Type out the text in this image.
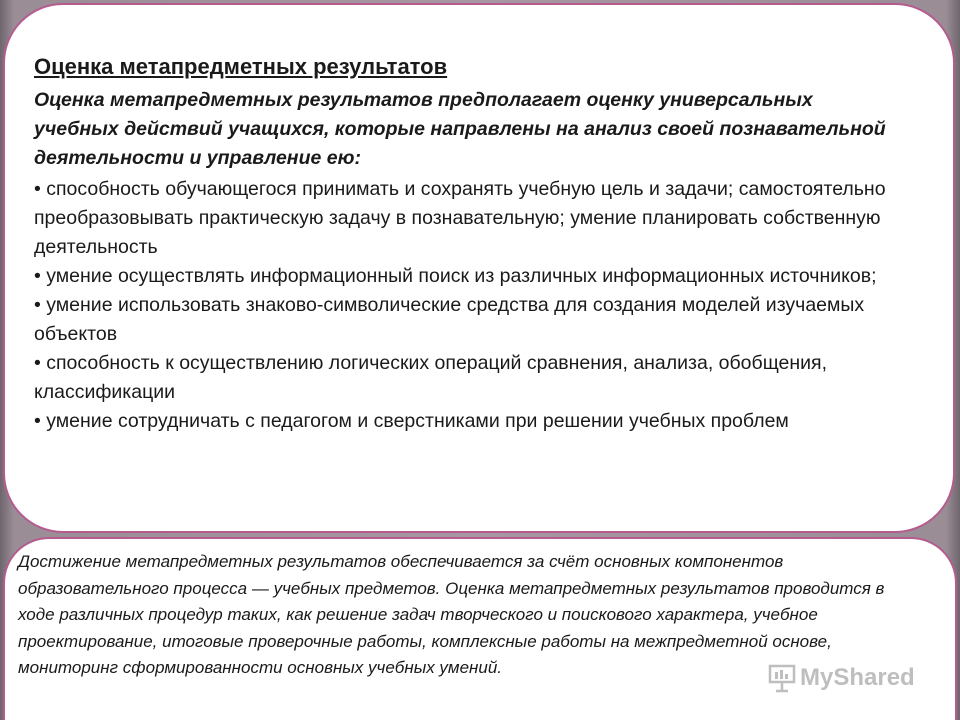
Оценка метапредметных результатов

Оценка метапредметных результатов предполагает оценку универсальных учебных действий учащихся, которые направлены на анализ своей познавательной деятельности и управление ею:

• способность обучающегося принимать и сохранять учебную цель и задачи; самостоятельно преобразовывать практическую задачу в познавательную; умение планировать собственную деятельность
• умение осуществлять информационный поиск из различных информационных источников;
• умение использовать знаково-символические средства для создания моделей изучаемых объектов
• способность к осуществлению логических операций сравнения, анализа, обобщения, классификации
• умение сотрудничать с педагогом и сверстниками при решении учебных проблем

Достижение метапредметных результатов обеспечивается за счёт основных компонентов образовательного процесса — учебных предметов. Оценка метапредметных результатов проводится в ходе различных процедур таких, как решение задач творческого и поискового характера, учебное проектирование, итоговые проверочные работы, комплексные работы на межпредметной основе, мониторинг сформированности основных учебных умений.	MyShared
